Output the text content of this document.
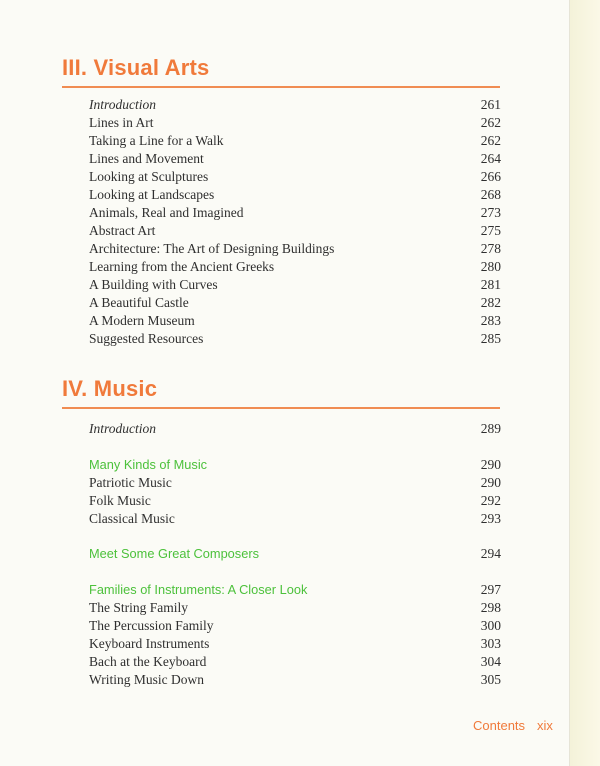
III. Visual Arts
Introduction	261
Lines in Art	262
Taking a Line for a Walk	262
Lines and Movement	264
Looking at Sculptures	266
Looking at Landscapes	268
Animals, Real and Imagined	273
Abstract Art	275
Architecture: The Art of Designing Buildings	278
Learning from the Ancient Greeks	280
A Building with Curves	281
A Beautiful Castle	282
A Modern Museum	283
Suggested Resources	285
IV. Music
Introduction	289
Many Kinds of Music	290
Patriotic Music	290
Folk Music	292
Classical Music	293
Meet Some Great Composers	294
Families of Instruments: A Closer Look	297
The String Family	298
The Percussion Family	300
Keyboard Instruments	303
Bach at the Keyboard	304
Writing Music Down	305
Contents xix
